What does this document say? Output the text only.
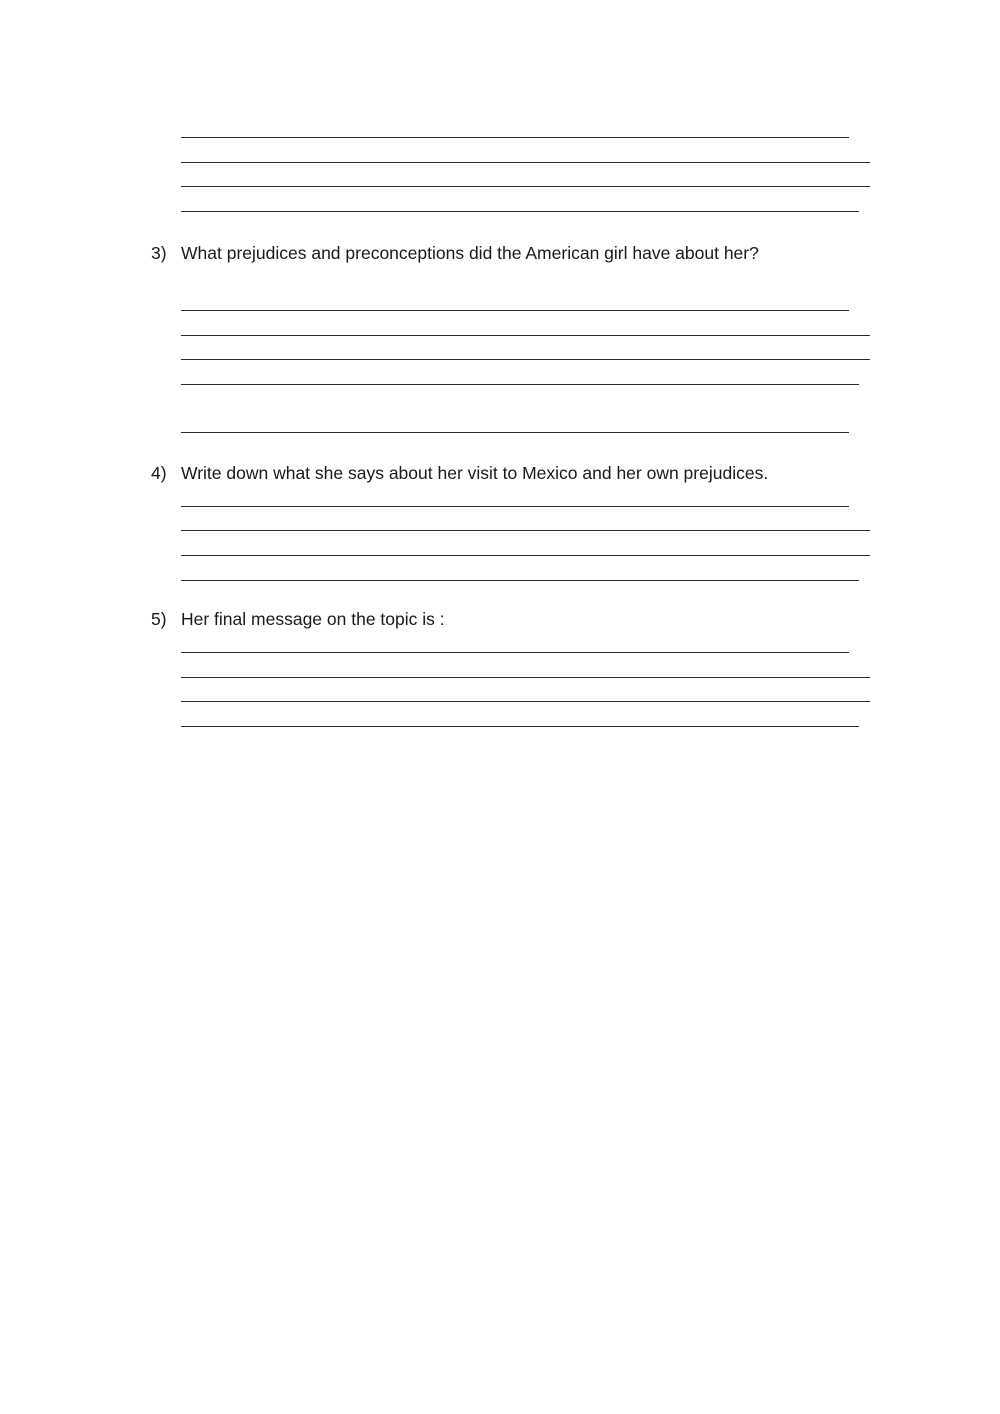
3) What prejudices and preconceptions did the American girl have about her?
4) Write down what she says about her visit to Mexico and her own prejudices.
5) Her final message on the topic is :
